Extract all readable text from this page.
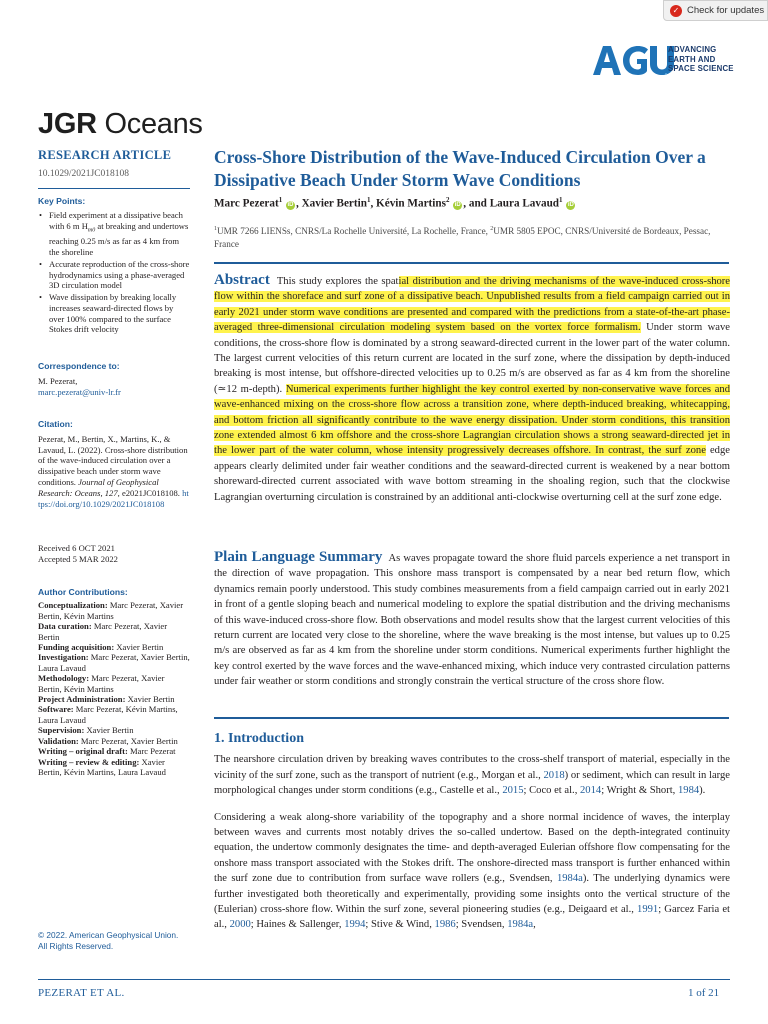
✓ Check for updates
ADVANCING
EARTH AND
SPACE SCIENCE
JGR Oceans
RESEARCH ARTICLE
10.1029/2021JC018108
Key Points:
• Field experiment at a dissipative beach with 6 m $H_{m0}$ at breaking and undertows reaching 0.25 m/s as far as 4 km from the shoreline
• Accurate reproduction of the cross-shore hydrodynamics using a phase-averaged 3D circulation model
• Wave dissipation by breaking locally increases seaward-directed flows by over 100% compared to the surface Stokes drift velocity
Correspondence to:
M. Pezerat,
marc.pezerat@univ-lr.fr
Citation:
Pezerat, M., Bertin, X., Martins, K., & Lavaud, L. (2022). Cross-shore distribution of the wave-induced circulation over a dissipative beach under storm wave conditions. Journal of Geophysical Research: Oceans, 127, e2021JC018108. https://doi.org/10.1029/2021JC018108
Received 6 OCT 2021
Accepted 5 MAR 2022
Author Contributions:
Conceptualization: Marc Pezerat, Xavier Bertin, Kévin Martins
Data curation: Marc Pezerat, Xavier Bertin
Funding acquisition: Xavier Bertin
Investigation: Marc Pezerat, Xavier Bertin, Laura Lavaud
Methodology: Marc Pezerat, Xavier Bertin, Kévin Martins
Project Administration: Xavier Bertin
Software: Marc Pezerat, Kévin Martins, Laura Lavaud
Supervision: Xavier Bertin
Validation: Marc Pezerat, Xavier Bertin
Writing – original draft: Marc Pezerat
Writing – review & editing: Xavier Bertin, Kévin Martins, Laura Lavaud
© 2022. American Geophysical Union.
All Rights Reserved.
Cross-Shore Distribution of the Wave-Induced Circulation Over a Dissipative Beach Under Storm Wave Conditions
Marc Pezerat$^1$ iD , Xavier Bertin$^1$, Kévin Martins$^2$ iD , and Laura Lavaud$^1$ iD
$^1$UMR 7266 LIENSs, CNRS/La Rochelle Université, La Rochelle, France, $^2$UMR 5805 EPOC, CNRS/Université de Bordeaux, Pessac, France
Abstract This study explores the spatial distribution and the driving mechanisms of the wave-induced cross-shore flow within the shoreface and surf zone of a dissipative beach. Unpublished results from a field campaign carried out in early 2021 under storm wave conditions are presented and compared with the predictions from a state-of-the-art phase-averaged three-dimensional circulation modeling system based on the vortex force formalism. Under storm wave conditions, the cross-shore flow is dominated by a strong seaward-directed current in the lower part of the water column. The largest current velocities of this return current are located in the surf zone, where the dissipation by depth-induced breaking is most intense, but offshore-directed velocities up to 0.25 m/s are observed as far as 4 km from the shoreline (≃12 m-depth). Numerical experiments further highlight the key control exerted by non-conservative wave forces and wave-enhanced mixing on the cross-shore flow across a transition zone, where depth-induced breaking, whitecapping, and bottom friction all significantly contribute to the wave energy dissipation. Under storm conditions, this transition zone extended almost 6 km offshore and the cross-shore Lagrangian circulation shows a strong seaward-directed jet in the lower part of the water column, whose intensity progressively decreases offshore. In contrast, the surf zone edge appears clearly delimited under fair weather conditions and the seaward-directed current is weakened by a near bottom shoreward-directed current associated with wave bottom streaming in the shoaling region, such that the clockwise Lagrangian overturning circulation is constrained by an additional anti-clockwise overturning cell at the surf zone edge.
Plain Language Summary As waves propagate toward the shore fluid parcels experience a net transport in the direction of wave propagation. This onshore mass transport is compensated by a near bed return flow, which dynamics remain poorly understood. This study combines measurements from a field campaign carried out in early 2021 in front of a gentle sloping beach and numerical modeling to explore the spatial distribution and the driving mechanisms of this wave-induced cross-shore flow. Both observations and model results show that the largest current velocities of this return current are located very close to the shoreline, where the wave breaking is the most intense, but values up to 0.25 m/s are observed as far as 4 km from the shoreline under storm conditions. Numerical experiments further highlight the key control exerted by the wave forces and the wave-enhanced mixing, which induce very contrasted circulation patterns under fair weather or storm conditions and strongly constrain the vertical structure of the cross shore flow.
1. Introduction
The nearshore circulation driven by breaking waves contributes to the cross-shelf transport of material, especially in the vicinity of the surf zone, such as the transport of nutrient (e.g., Morgan et al., 2018) or sediment, which can result in large morphological changes under storm conditions (e.g., Castelle et al., 2015; Coco et al., 2014; Wright & Short, 1984).
Considering a weak along-shore variability of the topography and a shore normal incidence of waves, the interplay between waves and currents most notably drives the so-called undertow. Based on the depth-integrated continuity equation, the undertow commonly designates the time- and depth-averaged Eulerian offshore flow compensating for the onshore mass transport associated with the Stokes drift. The onshore-directed mass transport is further enhanced within the surf zone due to contribution from surface wave rollers (e.g., Svendsen, 1984a). The underlying dynamics were further investigated both theoretically and experimentally, providing some insights onto the vertical structure of the (Eulerian) cross-shore flow. Within the surf zone, several pioneering studies (e.g., Deigaard et al., 1991; Garcez Faria et al., 2000; Haines & Sallenger, 1994; Stive & Wind, 1986; Svendsen, 1984a,
PEZERAT ET AL.	1 of 21
